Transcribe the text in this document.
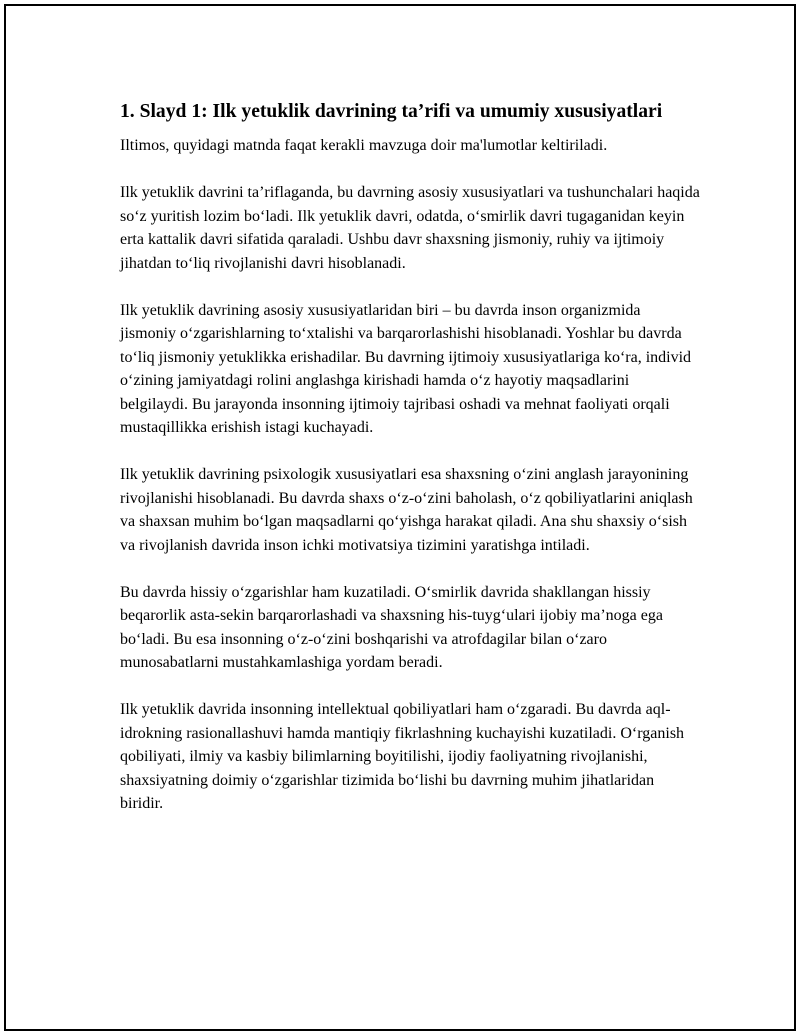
1. Slayd 1: Ilk yetuklik davrining ta’rifi va umumiy xususiyatlari

Iltimos, quyidagi matnda faqat kerakli mavzuga doir ma'lumotlar keltiriladi.

Ilk yetuklik davrini ta’riflaganda, bu davrning asosiy xususiyatlari va tushunchalari haqida so‘z yuritish lozim bo‘ladi. Ilk yetuklik davri, odatda, o‘smirlik davri tugaganidan keyin erta kattalik davri sifatida qaraladi. Ushbu davr shaxsning jismoniy, ruhiy va ijtimoiy jihatdan to‘liq rivojlanishi davri hisoblanadi.

Ilk yetuklik davrining asosiy xususiyatlaridan biri – bu davrda inson organizmida jismoniy o‘zgarishlarning to‘xtalishi va barqarorlashishi hisoblanadi. Yoshlar bu davrda to‘liq jismoniy yetuklikka erishadilar. Bu davrning ijtimoiy xususiyatlariga ko‘ra, individ o‘zining jamiyatdagi rolini anglashga kirishadi hamda o‘z hayotiy maqsadlarini belgilaydi. Bu jarayonda insonning ijtimoiy tajribasi oshadi va mehnat faoliyati orqali mustaqillikka erishish istagi kuchayadi.

Ilk yetuklik davrining psixologik xususiyatlari esa shaxsning o‘zini anglash jarayonining rivojlanishi hisoblanadi. Bu davrda shaxs o‘z-o‘zini baholash, o‘z qobiliyatlarini aniqlash va shaxsan muhim bo‘lgan maqsadlarni qo‘yishga harakat qiladi. Ana shu shaxsiy o‘sish va rivojlanish davrida inson ichki motivatsiya tizimini yaratishga intiladi.

Bu davrda hissiy o‘zgarishlar ham kuzatiladi. O‘smirlik davrida shakllangan hissiy beqarorlik asta-sekin barqarorlashadi va shaxsning his-tuyg‘ulari ijobiy ma’noga ega bo‘ladi. Bu esa insonning o‘z-o‘zini boshqarishi va atrofdagilar bilan o‘zaro munosabatlarni mustahkamlashiga yordam beradi.

Ilk yetuklik davrida insonning intellektual qobiliyatlari ham o‘zgaradi. Bu davrda aql-idrokning rasionallashuvi hamda mantiqiy fikrlashning kuchayishi kuzatiladi. O‘rganish qobiliyati, ilmiy va kasbiy bilimlarning boyitilishi, ijodiy faoliyatning rivojlanishi, shaxsiyatning doimiy o‘zgarishlar tizimida bo‘lishi bu davrning muhim jihatlaridan biridir.
